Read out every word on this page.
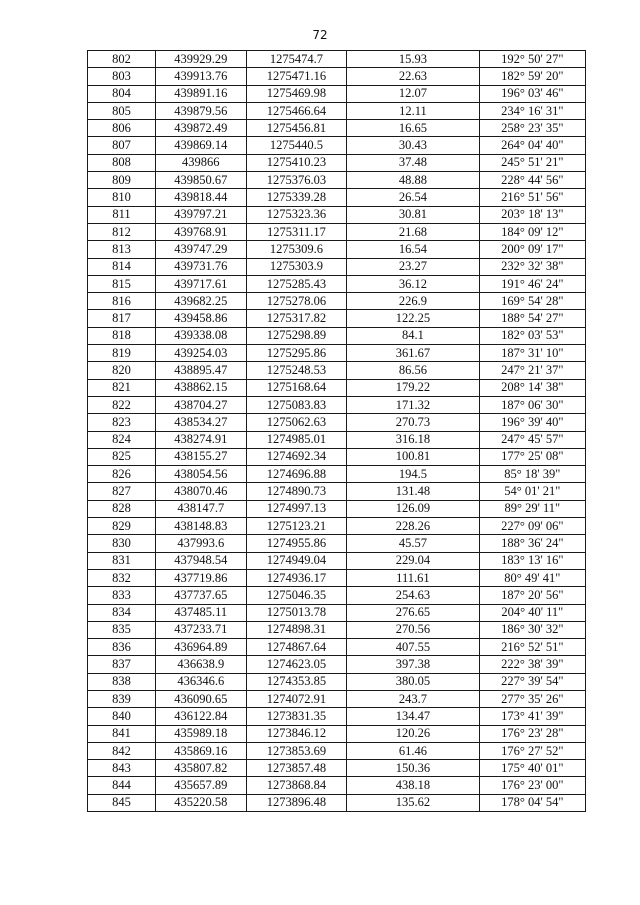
72
802	439929.29	1275474.7	15.93	192° 50' 27"
803	439913.76	1275471.16	22.63	182° 59' 20"
804	439891.16	1275469.98	12.07	196° 03' 46"
805	439879.56	1275466.64	12.11	234° 16' 31"
806	439872.49	1275456.81	16.65	258° 23' 35"
807	439869.14	1275440.5	30.43	264° 04' 40"
808	439866	1275410.23	37.48	245° 51' 21"
809	439850.67	1275376.03	48.88	228° 44' 56"
810	439818.44	1275339.28	26.54	216° 51' 56"
811	439797.21	1275323.36	30.81	203° 18' 13"
812	439768.91	1275311.17	21.68	184° 09' 12"
813	439747.29	1275309.6	16.54	200° 09' 17"
814	439731.76	1275303.9	23.27	232° 32' 38"
815	439717.61	1275285.43	36.12	191° 46' 24"
816	439682.25	1275278.06	226.9	169° 54' 28"
817	439458.86	1275317.82	122.25	188° 54' 27"
818	439338.08	1275298.89	84.1	182° 03' 53"
819	439254.03	1275295.86	361.67	187° 31' 10"
820	438895.47	1275248.53	86.56	247° 21' 37"
821	438862.15	1275168.64	179.22	208° 14' 38"
822	438704.27	1275083.83	171.32	187° 06' 30"
823	438534.27	1275062.63	270.73	196° 39' 40"
824	438274.91	1274985.01	316.18	247° 45' 57"
825	438155.27	1274692.34	100.81	177° 25' 08"
826	438054.56	1274696.88	194.5	85° 18' 39"
827	438070.46	1274890.73	131.48	54° 01' 21"
828	438147.7	1274997.13	126.09	89° 29' 11"
829	438148.83	1275123.21	228.26	227° 09' 06"
830	437993.6	1274955.86	45.57	188° 36' 24"
831	437948.54	1274949.04	229.04	183° 13' 16"
832	437719.86	1274936.17	111.61	80° 49' 41"
833	437737.65	1275046.35	254.63	187° 20' 56"
834	437485.11	1275013.78	276.65	204° 40' 11"
835	437233.71	1274898.31	270.56	186° 30' 32"
836	436964.89	1274867.64	407.55	216° 52' 51"
837	436638.9	1274623.05	397.38	222° 38' 39"
838	436346.6	1274353.85	380.05	227° 39' 54"
839	436090.65	1274072.91	243.7	277° 35' 26"
840	436122.84	1273831.35	134.47	173° 41' 39"
841	435989.18	1273846.12	120.26	176° 23' 28"
842	435869.16	1273853.69	61.46	176° 27' 52"
843	435807.82	1273857.48	150.36	175° 40' 01"
844	435657.89	1273868.84	438.18	176° 23' 00"
845	435220.58	1273896.48	135.62	178° 04' 54"
